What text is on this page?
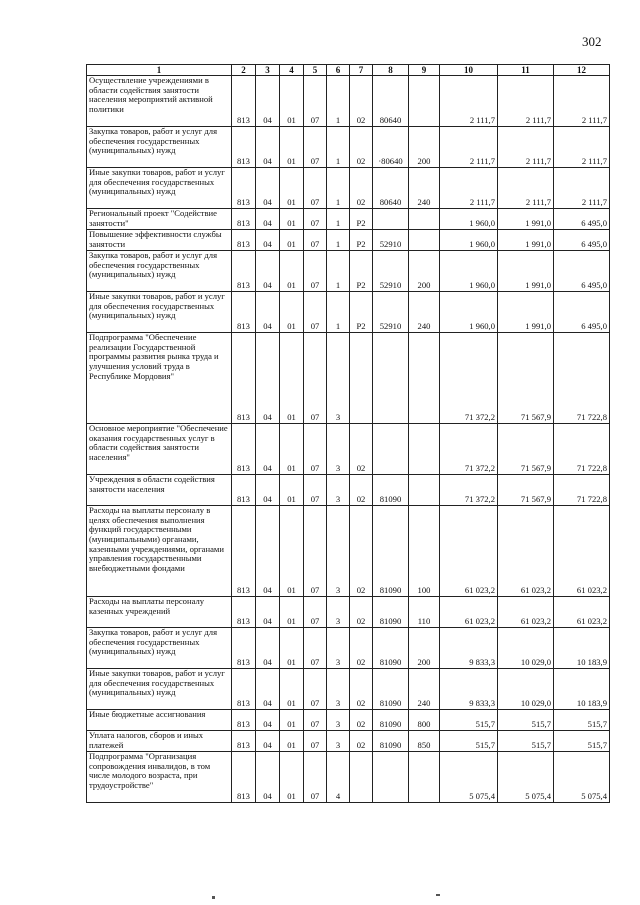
302
1	2	3	4	5	6	7	8	9	10	11	12
Осуществление учреждениями в области содействия занятости населения мероприятий активной политики	813	04	01	07	1	02	80640		2 111,7	2 111,7	2 111,7
Закупка товаров, работ и услуг для обеспечения государственных (муниципальных) нужд	813	04	01	07	1	02	·80640	200	2 111,7	2 111,7	2 111,7
Иные закупки товаров, работ и услуг для обеспечения государственных (муниципальных) нужд	813	04	01	07	1	02	80640	240	2 111,7	2 111,7	2 111,7
Региональный проект "Содействие занятости"	813	04	01	07	1	P2			1 960,0	1 991,0	6 495,0
Повышение эффективности службы занятости	813	04	01	07	1	P2	52910		1 960,0	1 991,0	6 495,0
Закупка товаров, работ и услуг для обеспечения государственных (муниципальных) нужд	813	04	01	07	1	P2	52910	200	1 960,0	1 991,0	6 495,0
Иные закупки товаров, работ и услуг для обеспечения государственных (муниципальных) нужд	813	04	01	07	1	P2	52910	240	1 960,0	1 991,0	6 495,0
Подпрограмма "Обеспечение реализации Государственной программы развития рынка труда и улучшения условий труда в Республике Мордовия"	813	04	01	07	3				71 372,2	71 567,9	71 722,8
Основное мероприятие "Обеспечение оказания государственных услуг в области содействия занятости населения"	813	04	01	07	3	02			71 372,2	71 567,9	71 722,8
Учреждения в области содействия занятости населения	813	04	01	07	3	02	81090		71 372,2	71 567,9	71 722,8
Расходы на выплаты персоналу в целях обеспечения выполнения функций государственными (муниципальными) органами, казенными учреждениями, органами управления государственными внебюджетными фондами	813	04	01	07	3	02	81090	100	61 023,2	61 023,2	61 023,2
Расходы на выплаты персоналу казенных учреждений	813	04	01	07	3	02	81090	110	61 023,2	61 023,2	61 023,2
Закупка товаров, работ и услуг для обеспечения государственных (муниципальных) нужд	813	04	01	07	3	02	81090	200	9 833,3	10 029,0	10 183,9
Иные закупки товаров, работ и услуг для обеспечения государственных (муниципальных) нужд	813	04	01	07	3	02	81090	240	9 833,3	10 029,0	10 183,9
Иные бюджетные ассигнования	813	04	01	07	3	02	81090	800	515,7	515,7	515,7
Уплата налогов, сборов и иных платежей	813	04	01	07	3	02	81090	850	515,7	515,7	515,7
Подпрограмма "Организация сопровождения инвалидов, в том числе молодого возраста, при трудоустройстве"	813	04	01	07	4				5 075,4	5 075,4	5 075,4
